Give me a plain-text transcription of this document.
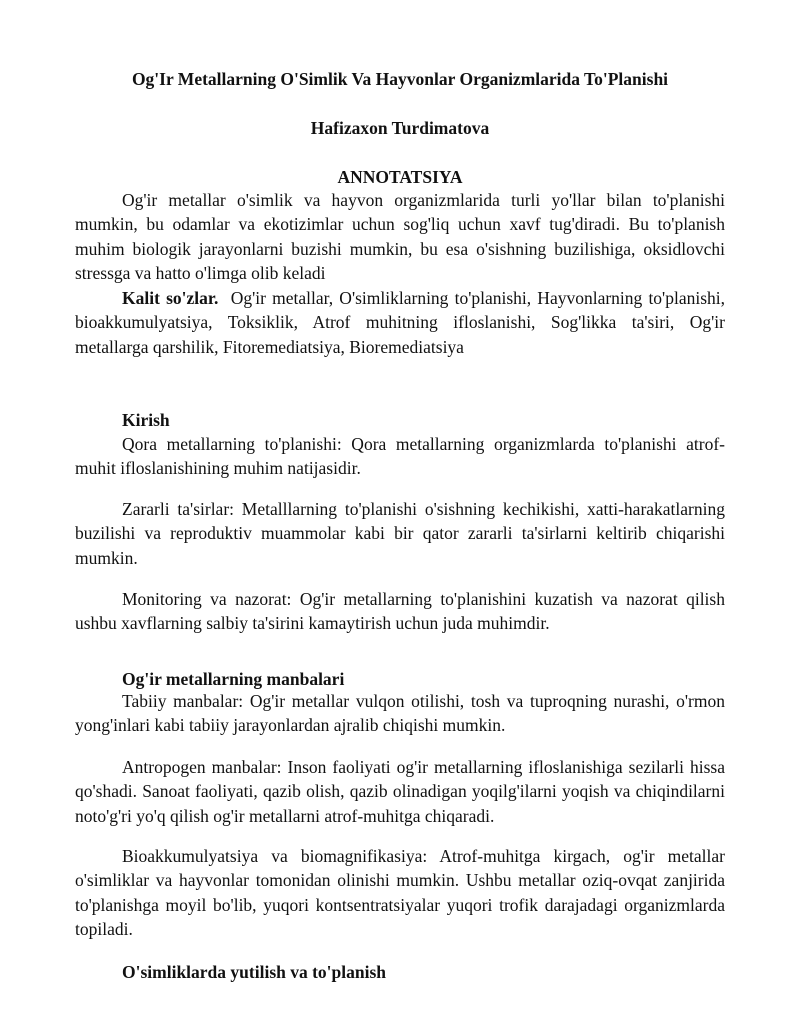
Og'Ir Metallarning O'Simlik Va Hayvonlar Organizmlarida To'Planishi
Hafizaxon Turdimatova
ANNOTATSIYA

Og'ir metallar o'simlik va hayvon organizmlarida turli yo'llar bilan to'planishi mumkin, bu odamlar va ekotizimlar uchun sog'liq uchun xavf tug'diradi. Bu to'planish muhim biologik jarayonlarni buzishi mumkin, bu esa o'sishning buzilishiga, oksidlovchi stressga va hatto o'limga olib keladi

Kalit so'zlar. Og'ir metallar, O'simliklarning to'planishi, Hayvonlarning to'planishi, bioakkumulyatsiya, Toksiklik, Atrof muhitning ifloslanishi, Sog'likka ta'siri, Og'ir metallarga qarshilik, Fitoremediatsiya, Bioremediatsiya

Kirish

Qora metallarning to'planishi: Qora metallarning organizmlarda to'planishi atrof-muhit ifloslanishining muhim natijasidir.

Zararli ta'sirlar: Metalllarning to'planishi o'sishning kechikishi, xatti-harakatlarning buzilishi va reproduktiv muammolar kabi bir qator zararli ta'sirlarni keltirib chiqarishi mumkin.

Monitoring va nazorat: Og'ir metallarning to'planishini kuzatish va nazorat qilish ushbu xavflarning salbiy ta'sirini kamaytirish uchun juda muhimdir.

Og'ir metallarning manbalari

Tabiiy manbalar: Og'ir metallar vulqon otilishi, tosh va tuproqning nurashi, o'rmon yong'inlari kabi tabiiy jarayonlardan ajralib chiqishi mumkin.

Antropogen manbalar: Inson faoliyati og'ir metallarning ifloslanishiga sezilarli hissa qo'shadi. Sanoat faoliyati, qazib olish, qazib olinadigan yoqilg'ilarni yoqish va chiqindilarni noto'g'ri yo'q qilish og'ir metallarni atrof-muhitga chiqaradi.

Bioakkumulyatsiya va biomagnifikasiya: Atrof-muhitga kirgach, og'ir metallar o'simliklar va hayvonlar tomonidan olinishi mumkin. Ushbu metallar oziq-ovqat zanjirida to'planishga moyil bo'lib, yuqori kontsentratsiyalar yuqori trofik darajadagi organizmlarda topiladi.

O'simliklarda yutilish va to'planish
